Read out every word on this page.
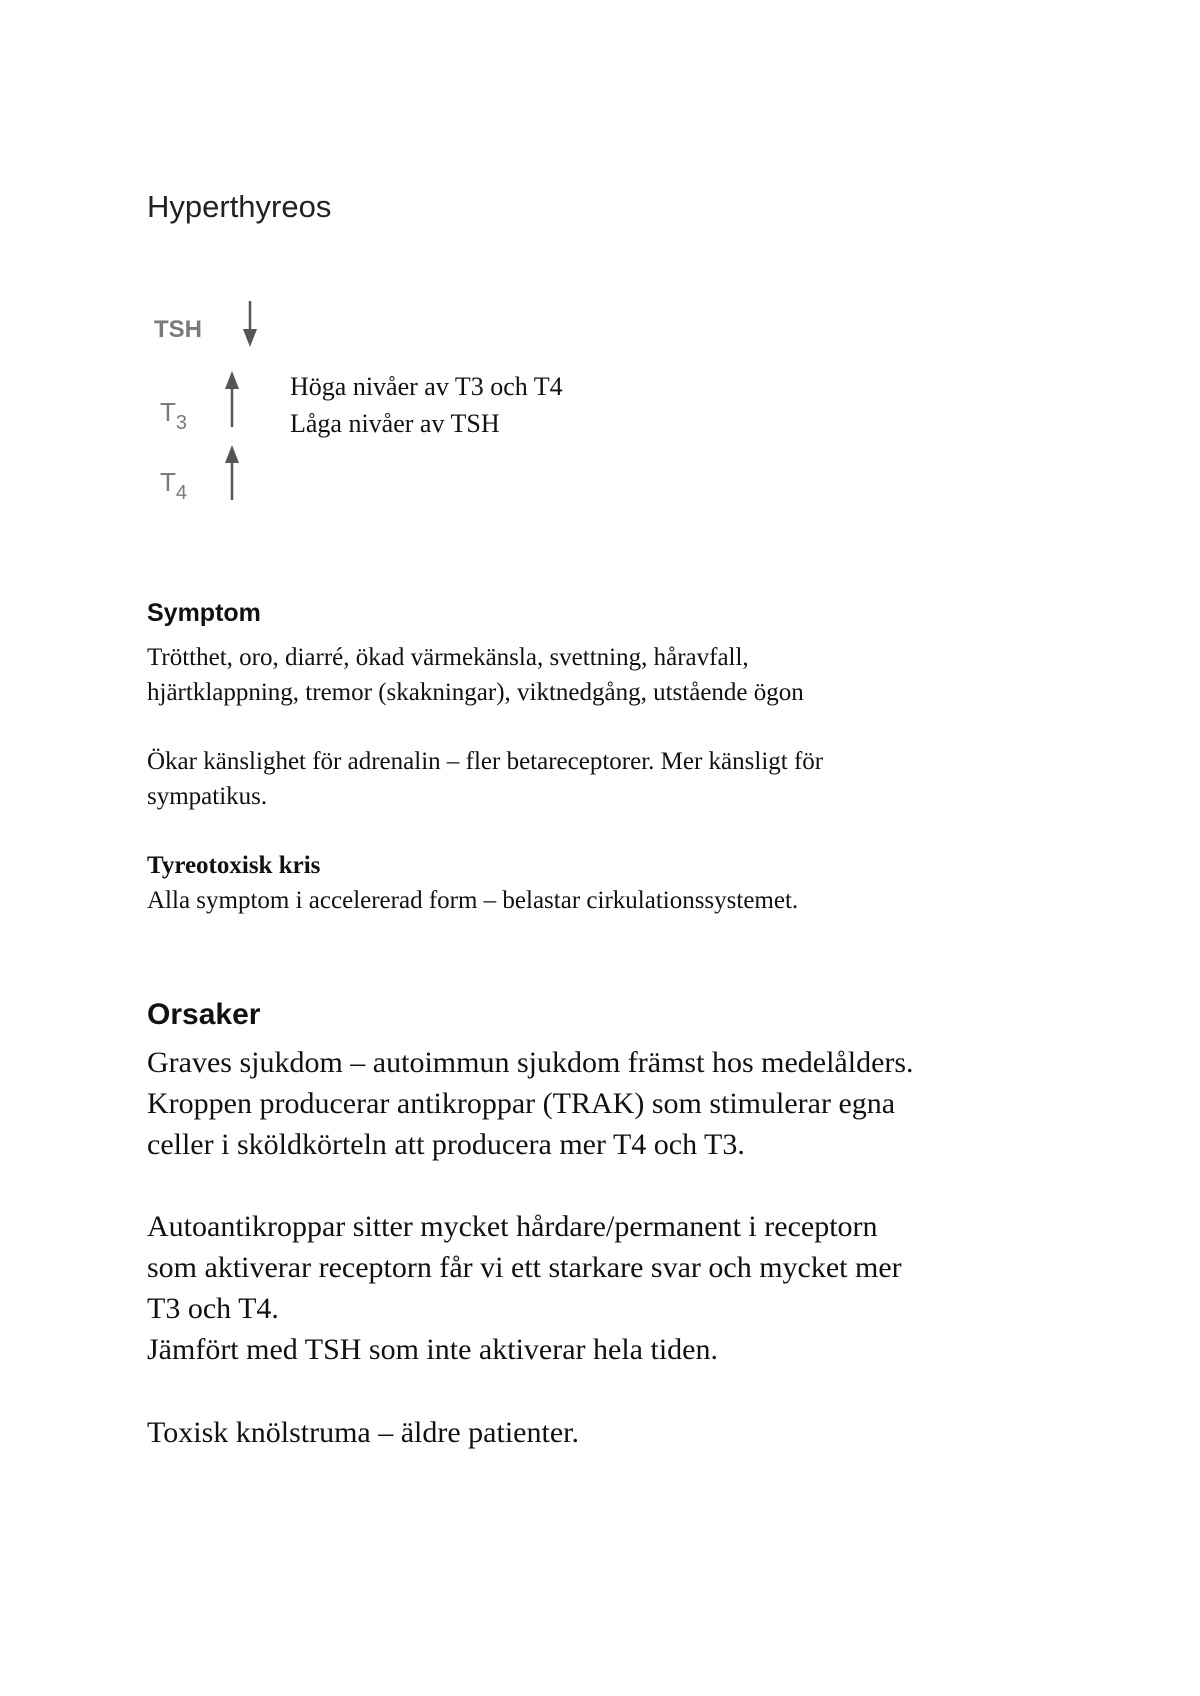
Hyperthyreos
TSH
$T_3$
$T_4$
Höga nivåer av T3 och T4
Låga nivåer av TSH
Symptom

Trötthet, oro, diarré, ökad värmekänsla, svettning, håravfall,
hjärtklappning, tremor (skakningar), viktnedgång, utstående ögon

Ökar känslighet för adrenalin – fler betareceptorer. Mer känsligt för
sympatikus.

Tyreotoxisk kris

Alla symptom i accelererad form – belastar cirkulationssystemet.

Orsaker

Graves sjukdom – autoimmun sjukdom främst hos medelålders.
Kroppen producerar antikroppar (TRAK) som stimulerar egna
celler i sköldkörteln att producera mer T4 och T3.

Autoantikroppar sitter mycket hårdare/permanent i receptorn
som aktiverar receptorn får vi ett starkare svar och mycket mer
T3 och T4.
Jämfört med TSH som inte aktiverar hela tiden.

Toxisk knölstruma – äldre patienter.
